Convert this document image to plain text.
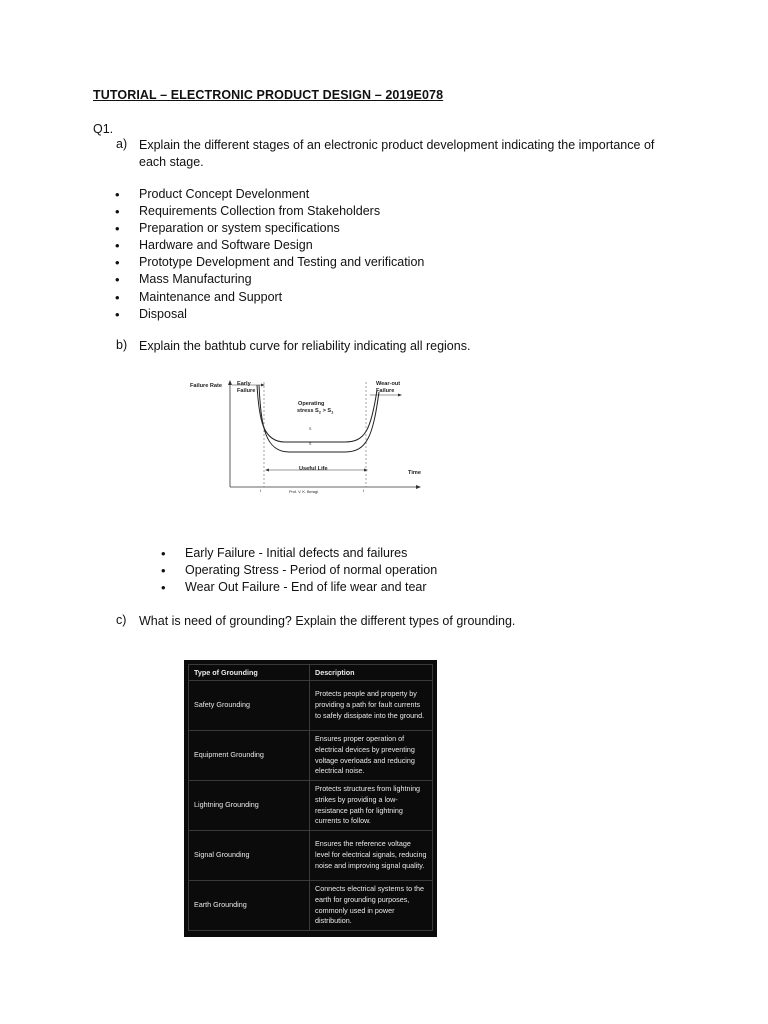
TUTORIAL – ELECTRONIC PRODUCT DESIGN – 2019E078
Q1.
a) Explain the different stages of an electronic product development indicating the importance of each stage.
• Product Concept Develonment
• Requirements Collection from Stakeholders
• Preparation or system specifications
• Hardware and Software Design
• Prototype Development and Testing and verification
• Mass Manufacturing
• Maintenance and Support
• Disposal
b) Explain the bathtub curve for reliability indicating all regions.
Failure Rate	Early
Failure
Wear-out
Failure
Operating
stress $S_2 > S_1$
S
S
Useful Life
Time
t	t
Prof. V. K. Beragi
• Early Failure - Initial defects and failures
• Operating Stress - Period of normal operation
• Wear Out Failure - End of life wear and tear
c) What is need of grounding? Explain the different types of grounding.
Type of Grounding	Description
Safety Grounding	Protects people and property by providing a path for fault currents to safely dissipate into the ground.
Equipment Grounding	Ensures proper operation of electrical devices by preventing voltage overloads and reducing electrical noise.
Lightning Grounding	Protects structures from lightning strikes by providing a low-resistance path for lightning currents to follow.
Signal Grounding	Ensures the reference voltage level for electrical signals, reducing noise and improving signal quality.
Earth Grounding	Connects electrical systems to the earth for grounding purposes, commonly used in power distribution.
